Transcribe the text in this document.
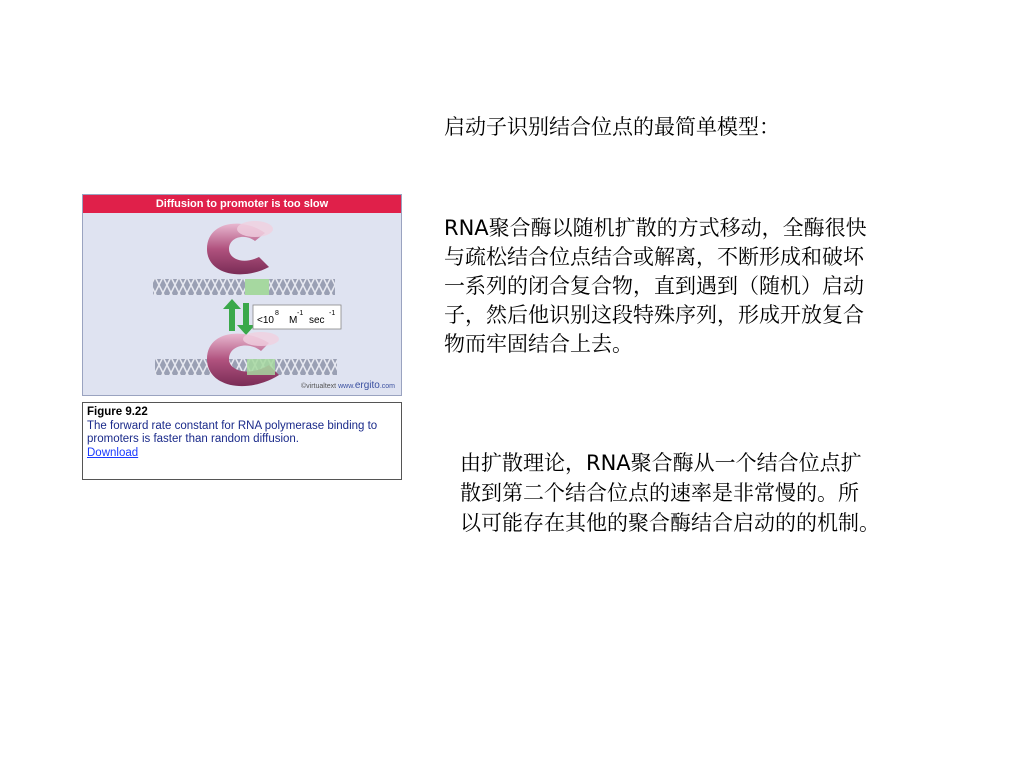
启动子识别结合位点的最简单模型：
RNA聚合酶以随机扩散的方式移动，全酶很快
与疏松结合位点结合或解离，不断形成和破坏
一系列的闭合复合物，直到遇到（随机）启动
子，然后他识别这段特殊序列，形成开放复合
物而牢固结合上去。
由扩散理论，RNA聚合酶从一个结合位点扩
散到第二个结合位点的速率是非常慢的。所
以可能存在其他的聚合酶结合启动的的机制。
Diffusion to promoter is too slow
<10
8
M
-1
sec
-1
©virtualtext www.ergito.com
Figure 9.22
The forward rate constant for RNA polymerase binding to promoters is faster than random diffusion.
Download
